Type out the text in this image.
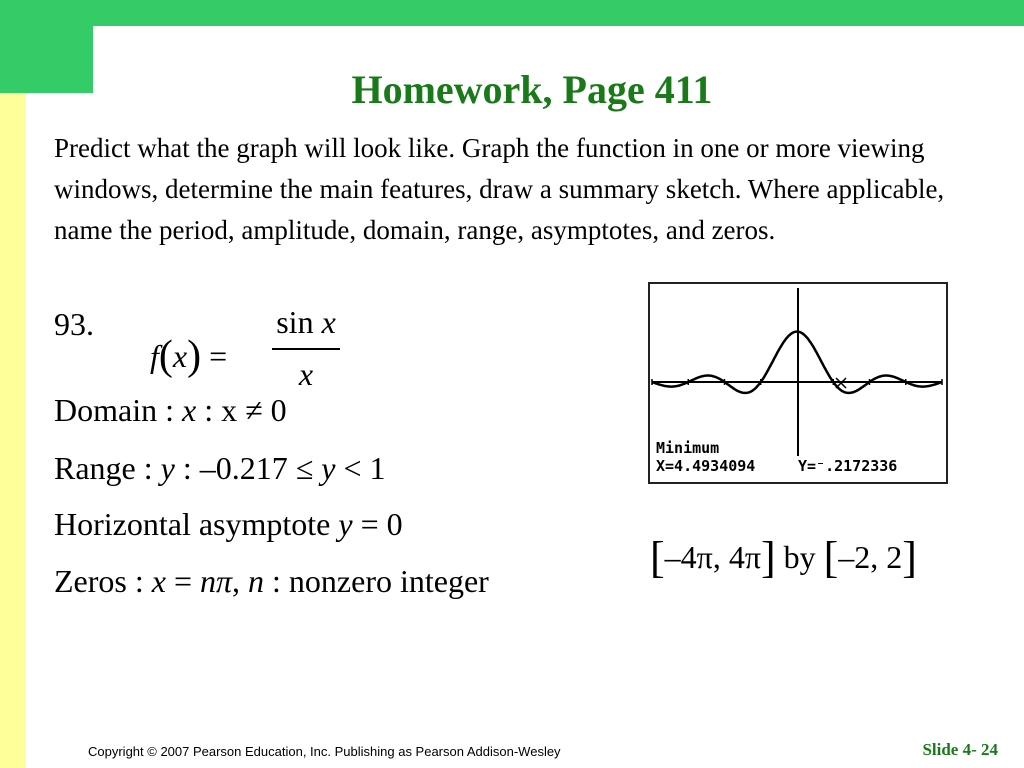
Homework, Page 411

Predict what the graph will look like. Graph the function in one or more viewing windows, determine the main features, draw a summary sketch. Where applicable, name the period, amplitude, domain, range, asymptotes, and zeros.

93.
f(x) =
sin x
x
Domain : x : x ≠ 0
Range : y : –0.217 ≤ y < 1
Horizontal asymptote y = 0
Zeros : x = nπ, n : nonzero integer
Minimum
X=4.4934094	Y=⁻.2172336
[–4π, 4π] by [–2, 2]
Copyright © 2007 Pearson Education, Inc. Publishing as Pearson Addison-Wesley	Slide 4- 24
